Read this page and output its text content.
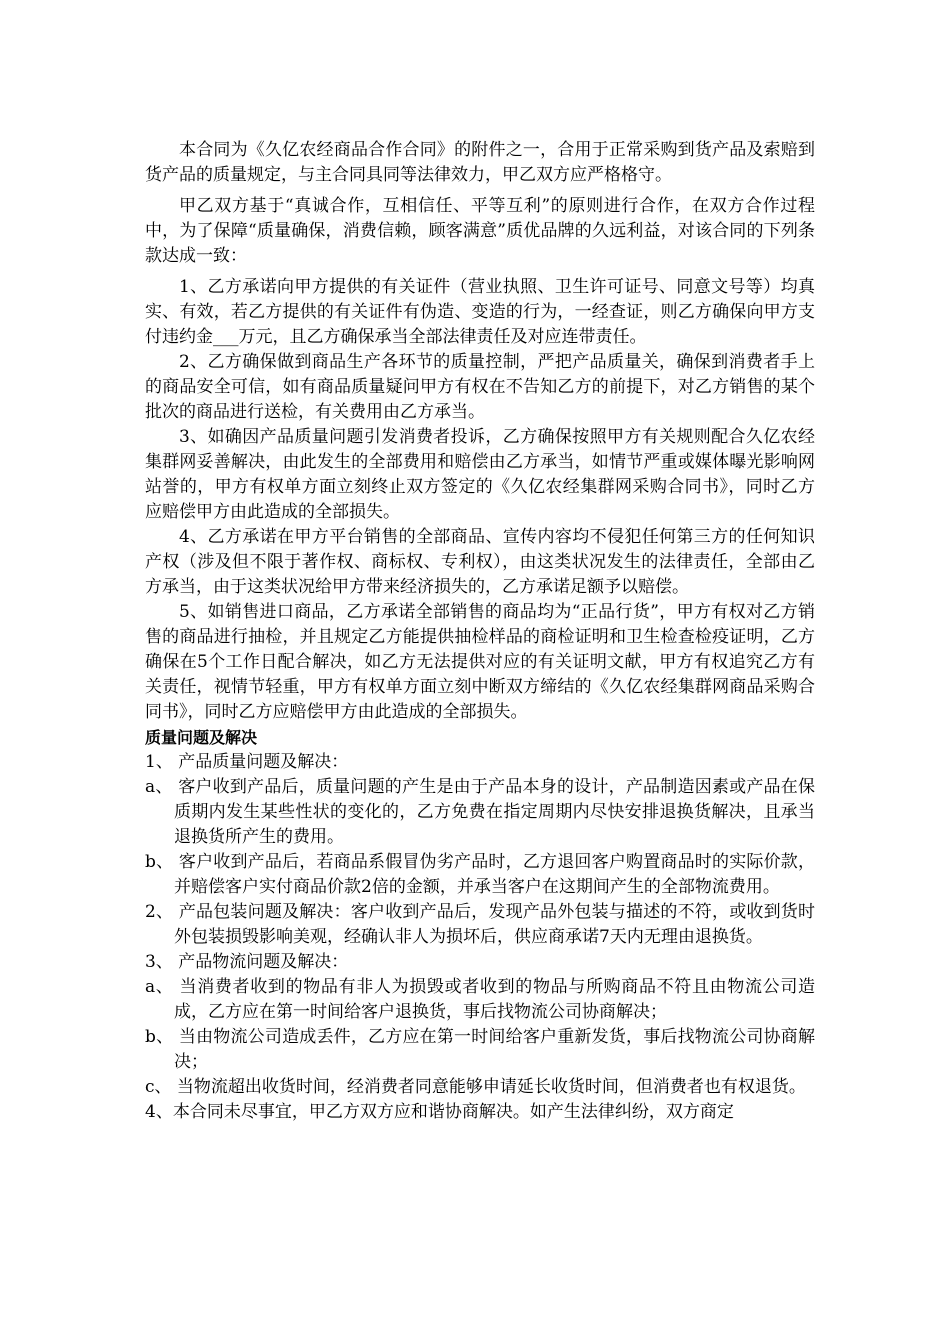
本合同为《久亿农经商品合作合同》的附件之一，合用于正常采购到货产品及索赔到货产品的质量规定，与主合同具同等法律效力，甲乙双方应严格格守。

甲乙双方基于“真诚合作，互相信任、平等互利”的原则进行合作，在双方合作过程中，为了保障“质量确保，消费信赖，顾客满意”质优品牌的久远利益，对该合同的下列条款达成一致：

1、乙方承诺向甲方提供的有关证件（营业执照、卫生许可证号、同意文号等）均真实、有效，若乙方提供的有关证件有伪造、变造的行为，一经查证，则乙方确保向甲方支付违约金___万元，且乙方确保承当全部法律责任及对应连带责任。

2、乙方确保做到商品生产各环节的质量控制，严把产品质量关，确保到消费者手上的商品安全可信，如有商品质量疑问甲方有权在不告知乙方的前提下，对乙方销售的某个批次的商品进行送检，有关费用由乙方承当。

3、如确因产品质量问题引发消费者投诉，乙方确保按照甲方有关规则配合久亿农经集群网妥善解决，由此发生的全部费用和赔偿由乙方承当，如情节严重或媒体曝光影响网站誉的，甲方有权单方面立刻终止双方签定的《久亿农经集群网采购合同书》，同时乙方应赔偿甲方由此造成的全部损失。

4、乙方承诺在甲方平台销售的全部商品、宣传内容均不侵犯任何第三方的任何知识产权（涉及但不限于著作权、商标权、专利权），由这类状况发生的法律责任，全部由乙方承当，由于这类状况给甲方带来经济损失的，乙方承诺足额予以赔偿。

5、如销售进口商品，乙方承诺全部销售的商品均为“正品行货”，甲方有权对乙方销售的商品进行抽检，并且规定乙方能提供抽检样品的商检证明和卫生检查检疫证明，乙方确保在5个工作日配合解决，如乙方无法提供对应的有关证明文献，甲方有权追究乙方有关责任，视情节轻重，甲方有权单方面立刻中断双方缔结的《久亿农经集群网商品采购合同书》，同时乙方应赔偿甲方由此造成的全部损失。

质量问题及解决

1、 产品质量问题及解决：

a、 客户收到产品后，质量问题的产生是由于产品本身的设计，产品制造因素或产品在保质期内发生某些性状的变化的，乙方免费在指定周期内尽快安排退换货解决，且承当退换货所产生的费用。

b、 客户收到产品后，若商品系假冒伪劣产品时，乙方退回客户购置商品时的实际价款，并赔偿客户实付商品价款2倍的金额，并承当客户在这期间产生的全部物流费用。

2、 产品包装问题及解决：客户收到产品后，发现产品外包装与描述的不符，或收到货时外包装损毁影响美观，经确认非人为损坏后，供应商承诺7天内无理由退换货。

3、 产品物流问题及解决：

a、 当消费者收到的物品有非人为损毁或者收到的物品与所购商品不符且由物流公司造成，乙方应在第一时间给客户退换货，事后找物流公司协商解决；

b、 当由物流公司造成丢件，乙方应在第一时间给客户重新发货，事后找物流公司协商解决；

c、 当物流超出收货时间，经消费者同意能够申请延长收货时间，但消费者也有权退货。

4、本合同未尽事宜，甲乙方双方应和谐协商解决。如产生法律纠纷，双方商定
